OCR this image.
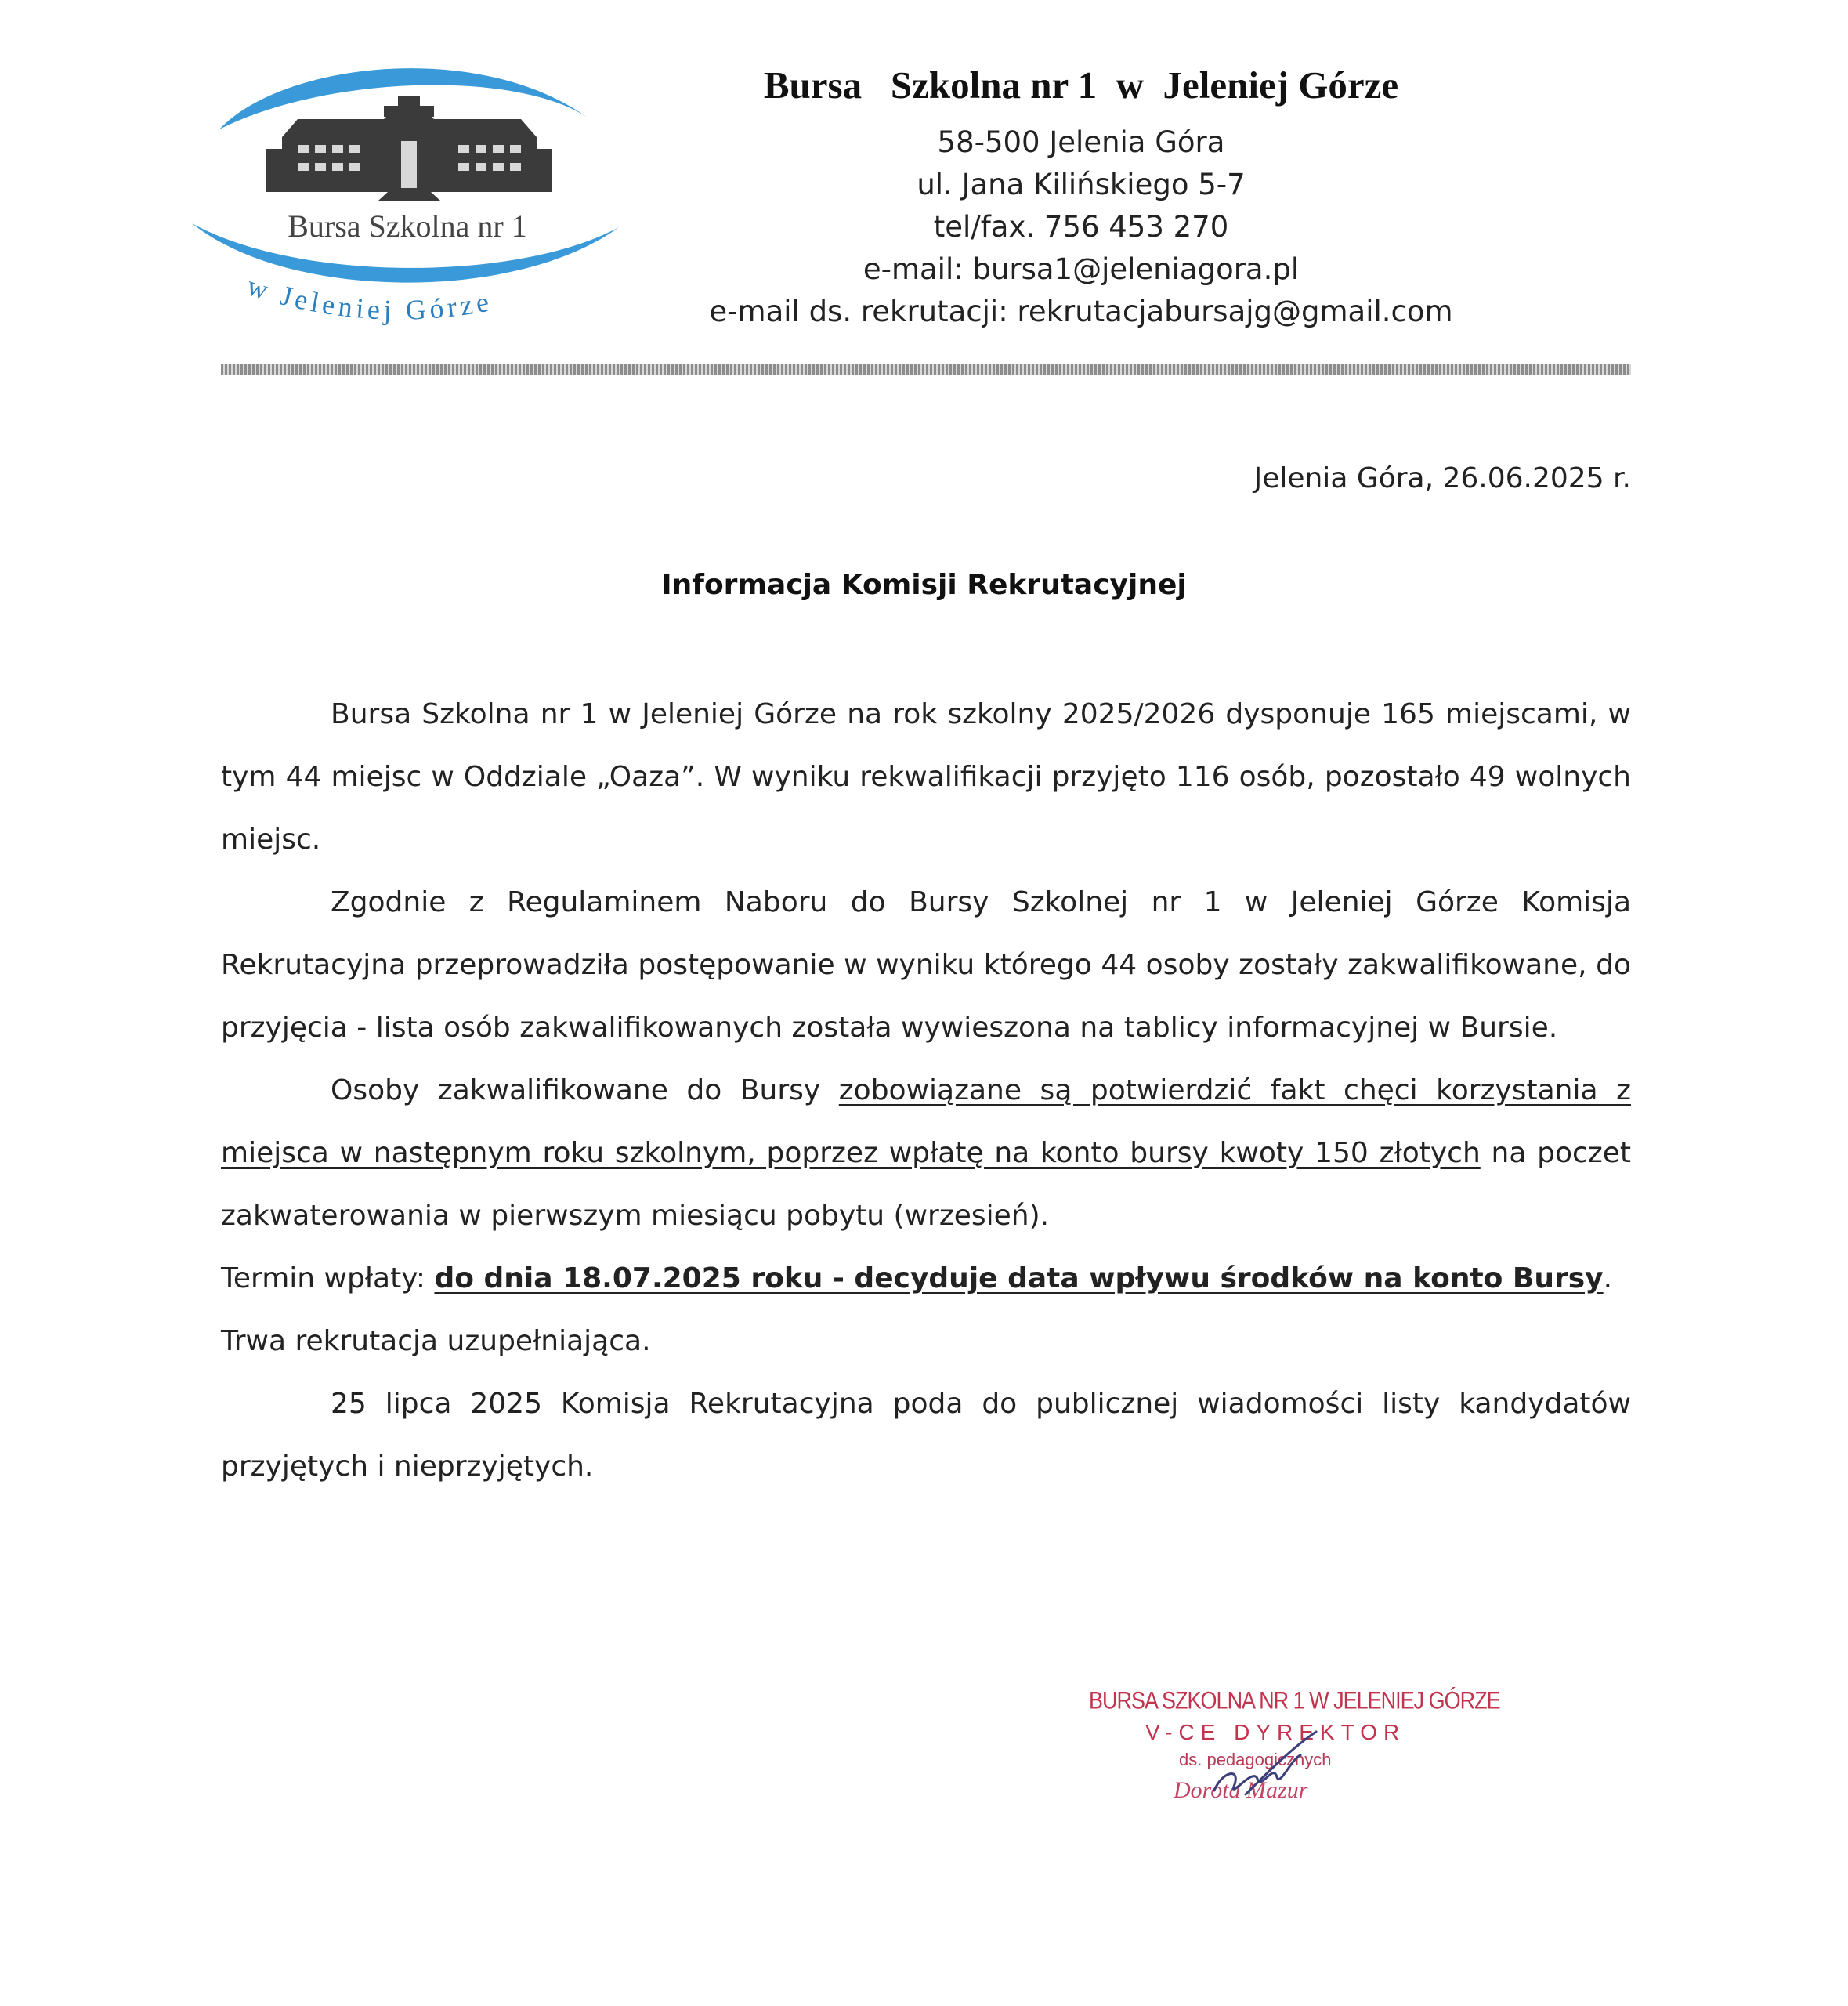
Bursa Szkolna nr 1
w Jeleniej Górze
Bursa   Szkolna nr 1  w  Jeleniej Górze
58-500 Jelenia Góra
ul. Jana Kilińskiego 5-7
tel/fax. 756 453 270
e-mail: bursa1@jeleniagora.pl
e-mail ds. rekrutacji: rekrutacjabursajg@gmail.com
Jelenia Góra, 26.06.2025 r.
Informacja Komisji Rekrutacyjnej

Bursa Szkolna nr 1 w Jeleniej Górze na rok szkolny 2025/2026 dysponuje 165 miejscami, w tym 44 miejsc w Oddziale „Oaza”. W wyniku rekwalifikacji przyjęto 116 osób, pozostało 49 wolnych miejsc.

Zgodnie z Regulaminem Naboru do Bursy Szkolnej nr 1 w Jeleniej Górze Komisja Rekrutacyjna przeprowadziła postępowanie w wyniku którego 44 osoby zostały zakwalifikowane, do przyjęcia - lista osób zakwalifikowanych została wywieszona na tablicy informacyjnej w Bursie.

Osoby zakwalifikowane do Bursy zobowiązane są potwierdzić fakt chęci korzystania z miejsca w następnym roku szkolnym, poprzez wpłatę na konto bursy kwoty 150 złotych na poczet zakwaterowania w pierwszym miesiącu pobytu (wrzesień).

Termin wpłaty: do dnia 18.07.2025 roku - decyduje data wpływu środków na konto Bursy.

Trwa rekrutacja uzupełniająca.

25 lipca 2025 Komisja Rekrutacyjna poda do publicznej wiadomości listy kandydatów przyjętych i nieprzyjętych.

BURSA SZKOLNA NR 1 W JELENIEJ GÓRZE
V-CE DYREKTOR
ds. pedagogicznych
Dorota Mazur
